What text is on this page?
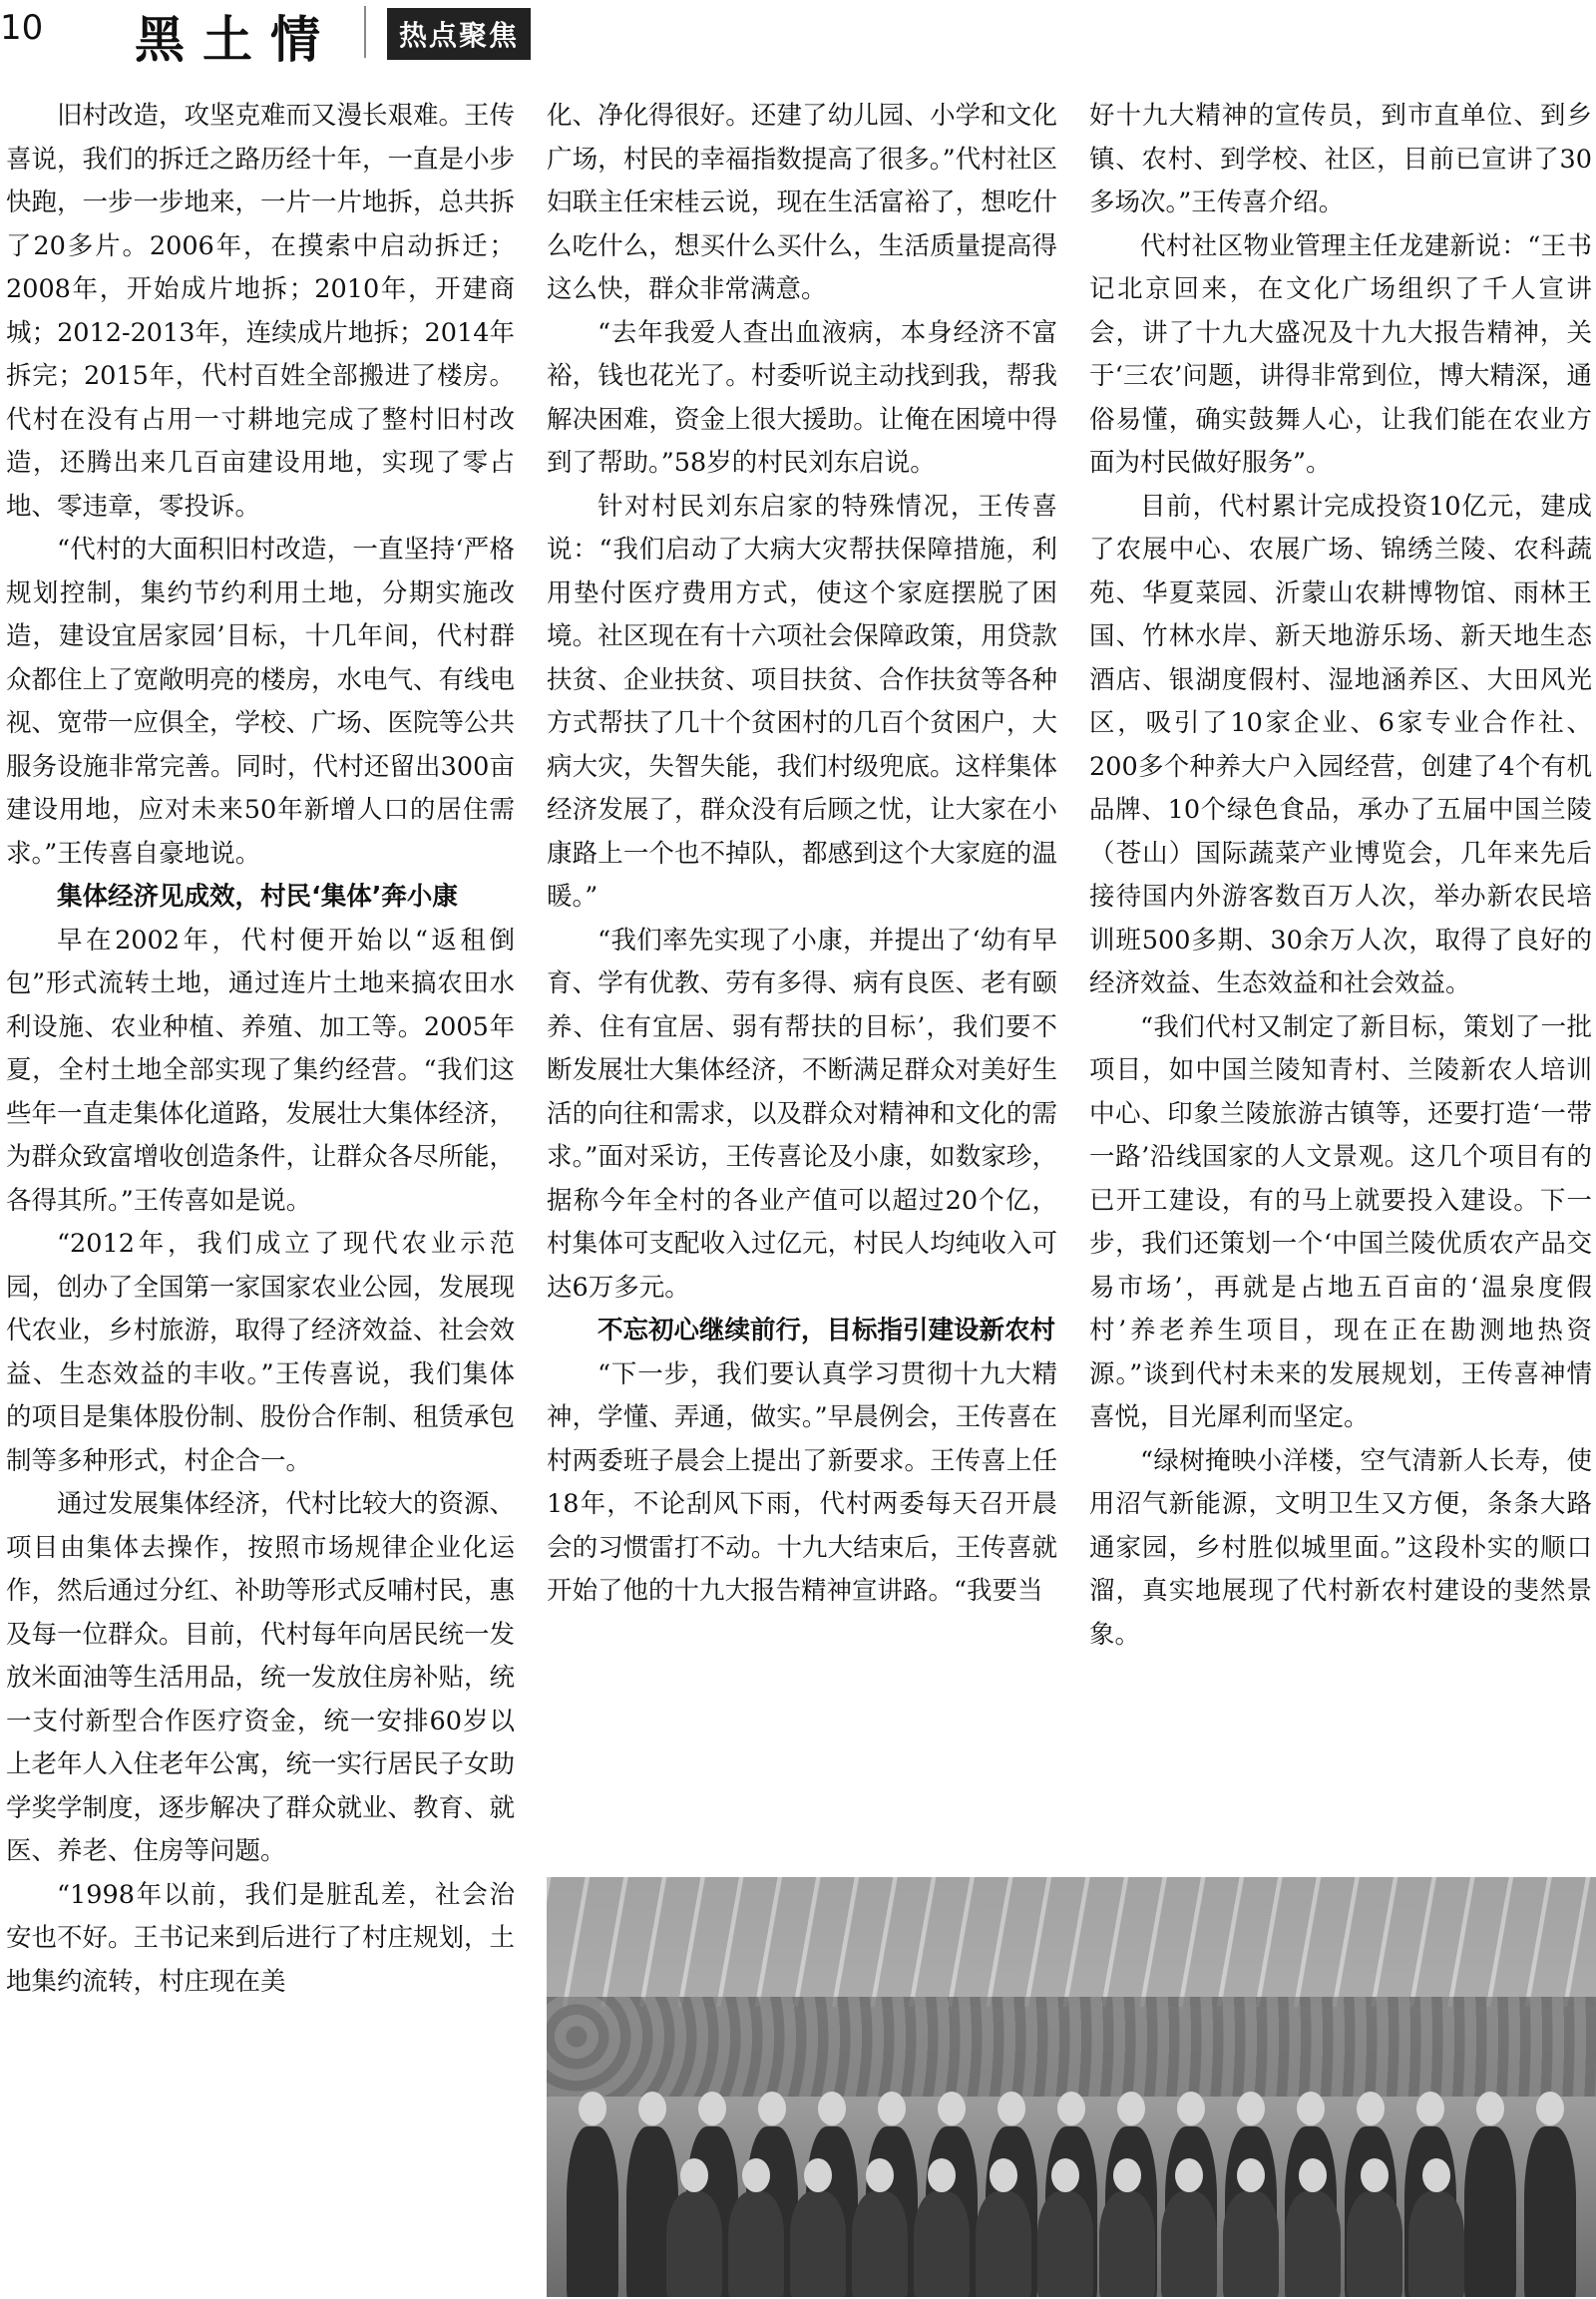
10 黑土情	热点聚焦

旧村改造，攻坚克难而又漫长艰难。王传喜说，我们的拆迁之路历经十年，一直是小步快跑，一步一步地来，一片一片地拆，总共拆了20多片。2006年，在摸索中启动拆迁；2008年，开始成片地拆；2010年，开建商城；2012-2013年，连续成片地拆；2014年拆完；2015年，代村百姓全部搬进了楼房。代村在没有占用一寸耕地完成了整村旧村改造，还腾出来几百亩建设用地，实现了零占地、零违章，零投诉。

“代村的大面积旧村改造，一直坚持‘严格规划控制，集约节约利用土地，分期实施改造，建设宜居家园’目标，十几年间，代村群众都住上了宽敞明亮的楼房，水电气、有线电视、宽带一应俱全，学校、广场、医院等公共服务设施非常完善。同时，代村还留出300亩建设用地，应对未来50年新增人口的居住需求。”王传喜自豪地说。

集体经济见成效，村民‘集体’奔小康

早在2002年，代村便开始以“返租倒包”形式流转土地，通过连片土地来搞农田水利设施、农业种植、养殖、加工等。2005年夏，全村土地全部实现了集约经营。“我们这些年一直走集体化道路，发展壮大集体经济，为群众致富增收创造条件，让群众各尽所能，各得其所。”王传喜如是说。

“2012年，我们成立了现代农业示范园，创办了全国第一家国家农业公园，发展现代农业，乡村旅游，取得了经济效益、社会效益、生态效益的丰收。”王传喜说，我们集体的项目是集体股份制、股份合作制、租赁承包制等多种形式，村企合一。

通过发展集体经济，代村比较大的资源、项目由集体去操作，按照市场规律企业化运作，然后通过分红、补助等形式反哺村民，惠及每一位群众。目前，代村每年向居民统一发放米面油等生活用品，统一发放住房补贴，统一支付新型合作医疗资金，统一安排60岁以上老年人入住老年公寓，统一实行居民子女助学奖学制度，逐步解决了群众就业、教育、就医、养老、住房等问题。

“1998年以前，我们是脏乱差，社会治安也不好。王书记来到后进行了村庄规划，土地集约流转，村庄现在美

化、净化得很好。还建了幼儿园、小学和文化广场，村民的幸福指数提高了很多。”代村社区妇联主任宋桂云说，现在生活富裕了，想吃什么吃什么，想买什么买什么，生活质量提高得这么快，群众非常满意。

“去年我爱人查出血液病，本身经济不富裕，钱也花光了。村委听说主动找到我，帮我解决困难，资金上很大援助。让俺在困境中得到了帮助。”58岁的村民刘东启说。

针对村民刘东启家的特殊情况，王传喜说：“我们启动了大病大灾帮扶保障措施，利用垫付医疗费用方式，使这个家庭摆脱了困境。社区现在有十六项社会保障政策，用贷款扶贫、企业扶贫、项目扶贫、合作扶贫等各种方式帮扶了几十个贫困村的几百个贫困户，大病大灾，失智失能，我们村级兜底。这样集体经济发展了，群众没有后顾之忧，让大家在小康路上一个也不掉队，都感到这个大家庭的温暖。”

“我们率先实现了小康，并提出了‘幼有早育、学有优教、劳有多得、病有良医、老有颐养、住有宜居、弱有帮扶的目标’，我们要不断发展壮大集体经济，不断满足群众对美好生活的向往和需求，以及群众对精神和文化的需求。”面对采访，王传喜论及小康，如数家珍，据称今年全村的各业产值可以超过20个亿，村集体可支配收入过亿元，村民人均纯收入可达6万多元。

不忘初心继续前行，目标指引建设新农村

“下一步，我们要认真学习贯彻十九大精神，学懂、弄通，做实。”早晨例会，王传喜在村两委班子晨会上提出了新要求。王传喜上任18年，不论刮风下雨，代村两委每天召开晨会的习惯雷打不动。十九大结束后，王传喜就开始了他的十九大报告精神宣讲路。“我要当

好十九大精神的宣传员，到市直单位、到乡镇、农村、到学校、社区，目前已宣讲了30多场次。”王传喜介绍。

代村社区物业管理主任龙建新说：“王书记北京回来，在文化广场组织了千人宣讲会，讲了十九大盛况及十九大报告精神，关于‘三农’问题，讲得非常到位，博大精深，通俗易懂，确实鼓舞人心，让我们能在农业方面为村民做好服务”。

目前，代村累计完成投资10亿元，建成了农展中心、农展广场、锦绣兰陵、农科蔬苑、华夏菜园、沂蒙山农耕博物馆、雨林王国、竹林水岸、新天地游乐场、新天地生态酒店、银湖度假村、湿地涵养区、大田风光区，吸引了10家企业、6家专业合作社、200多个种养大户入园经营，创建了4个有机品牌、10个绿色食品，承办了五届中国兰陵（苍山）国际蔬菜产业博览会，几年来先后接待国内外游客数百万人次，举办新农民培训班500多期、30余万人次，取得了良好的经济效益、生态效益和社会效益。

“我们代村又制定了新目标，策划了一批项目，如中国兰陵知青村、兰陵新农人培训中心、印象兰陵旅游古镇等，还要打造‘一带一路’沿线国家的人文景观。这几个项目有的已开工建设，有的马上就要投入建设。下一步，我们还策划一个‘中国兰陵优质农产品交易市场’，再就是占地五百亩的‘温泉度假村’养老养生项目，现在正在勘测地热资源。”谈到代村未来的发展规划，王传喜神情喜悦，目光犀利而坚定。

“绿树掩映小洋楼，空气清新人长寿，使用沼气新能源，文明卫生又方便，条条大路通家园，乡村胜似城里面。”这段朴实的顺口溜，真实地展现了代村新农村建设的斐然景象。
